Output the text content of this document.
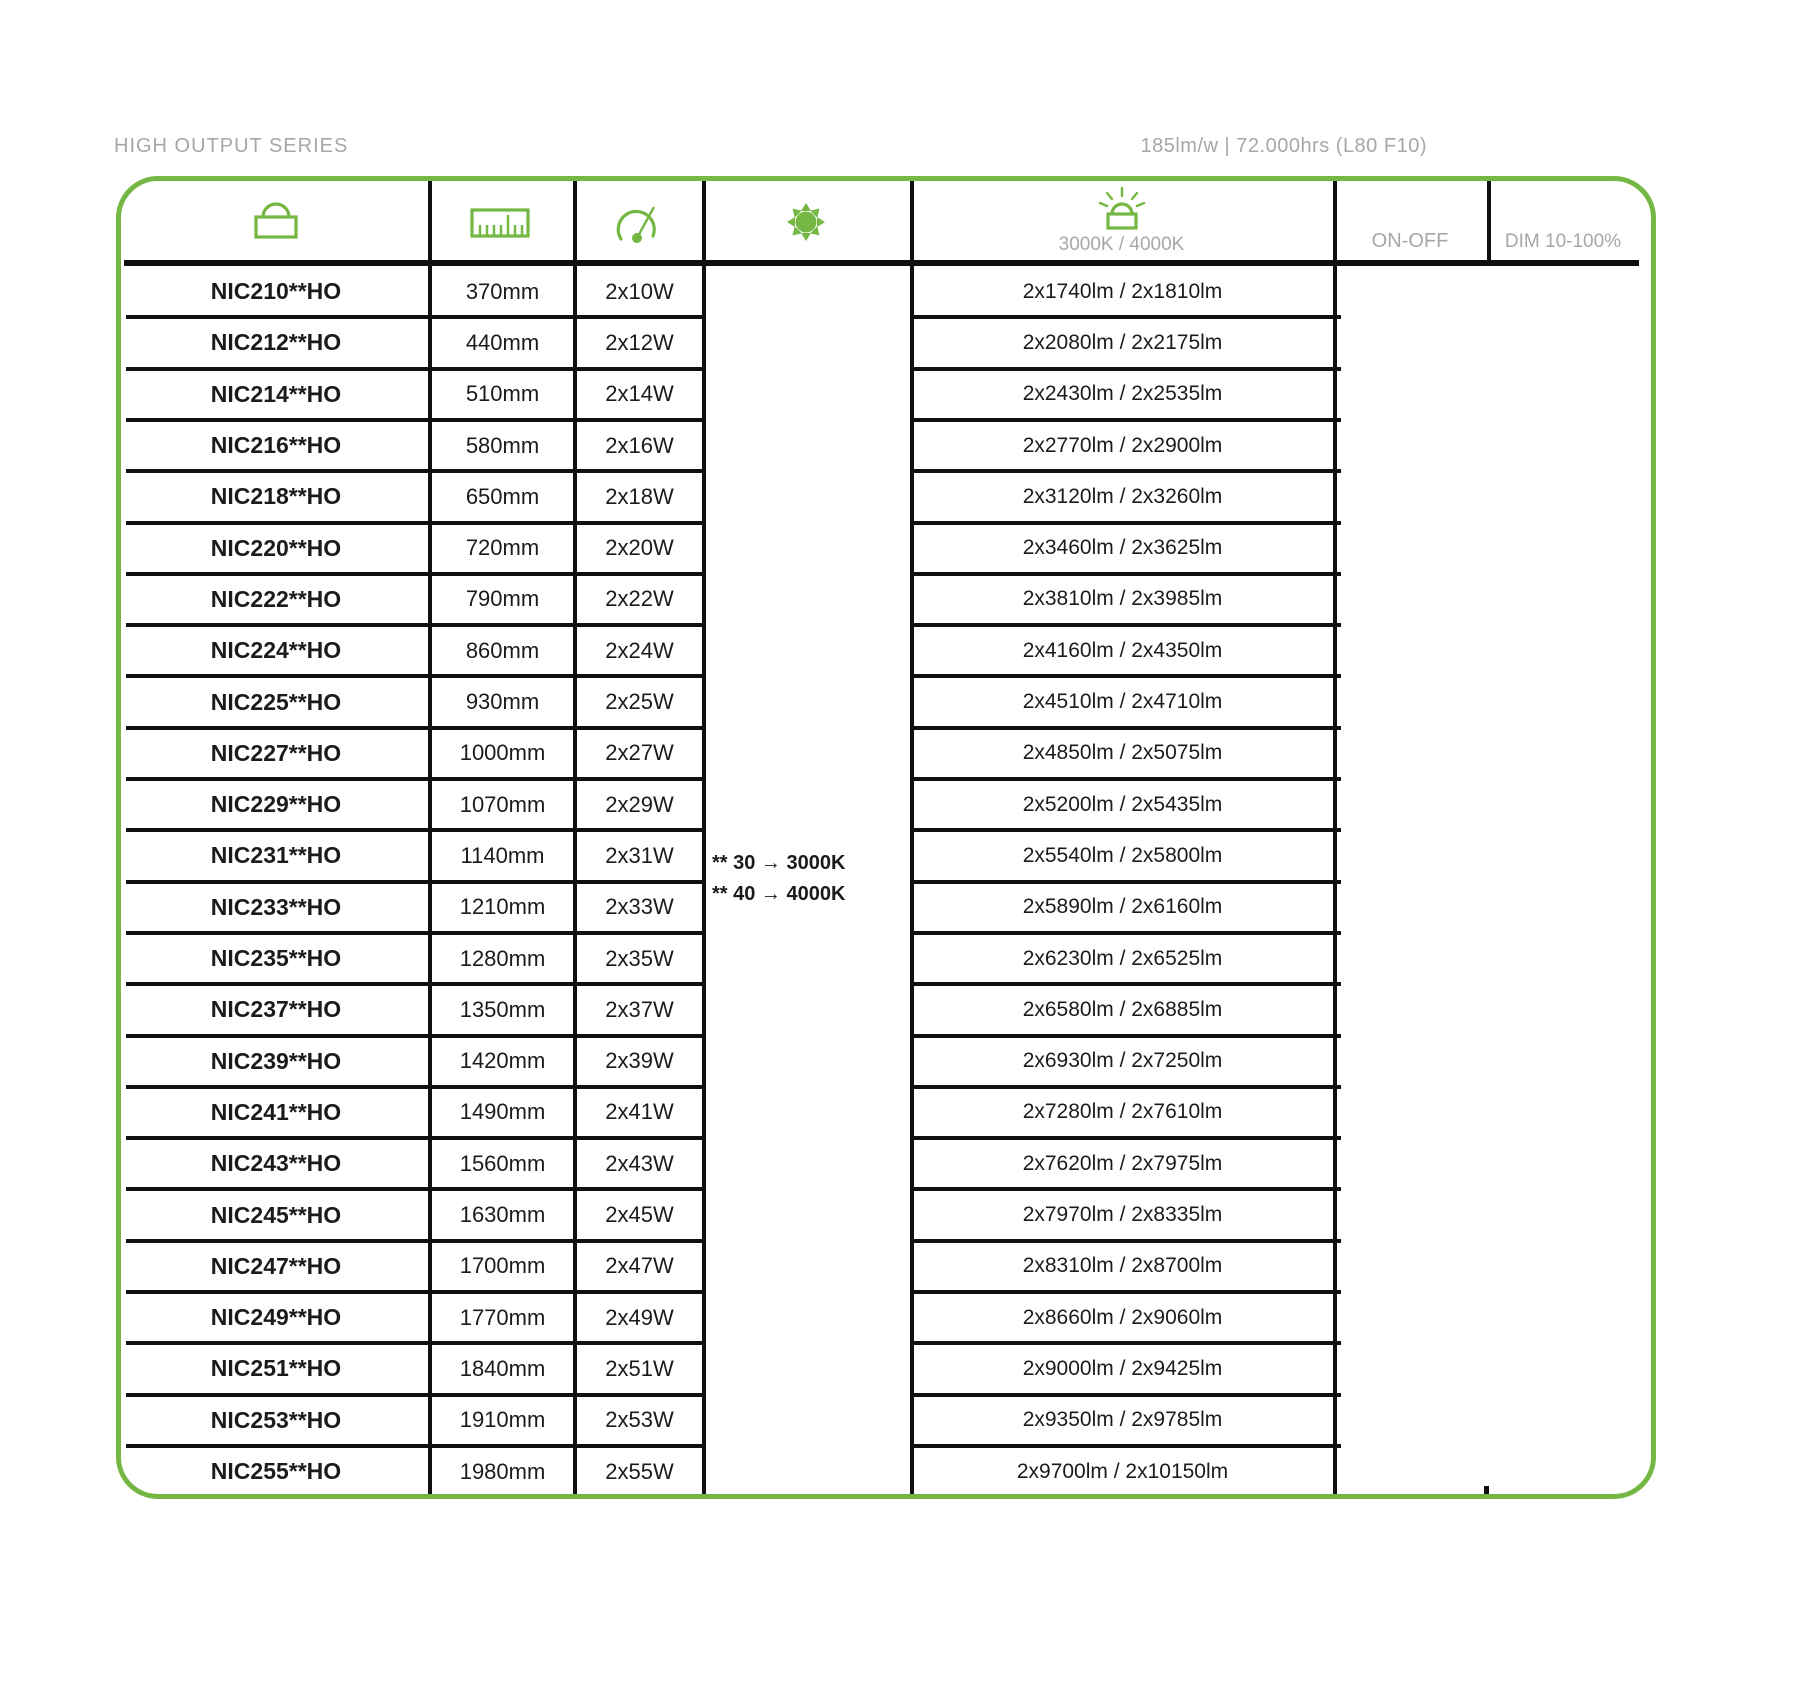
HIGH OUTPUT SERIES	185lm/w | 72.000hrs (L80 F10)
3000K / 4000K	ON-OFF	DIM 10-100%
** 30 → 3000K
** 40 → 4000K
NIC210**HO	370mm	2x10W	2x1740lm / 2x1810lm
NIC212**HO	440mm	2x12W	2x2080lm / 2x2175lm
NIC214**HO	510mm	2x14W	2x2430lm / 2x2535lm
NIC216**HO	580mm	2x16W	2x2770lm / 2x2900lm
NIC218**HO	650mm	2x18W	2x3120lm / 2x3260lm
NIC220**HO	720mm	2x20W	2x3460lm / 2x3625lm
NIC222**HO	790mm	2x22W	2x3810lm / 2x3985lm
NIC224**HO	860mm	2x24W	2x4160lm / 2x4350lm
NIC225**HO	930mm	2x25W	2x4510lm / 2x4710lm
NIC227**HO	1000mm	2x27W	2x4850lm / 2x5075lm
NIC229**HO	1070mm	2x29W	2x5200lm / 2x5435lm
NIC231**HO	1140mm	2x31W	2x5540lm / 2x5800lm
NIC233**HO	1210mm	2x33W	2x5890lm / 2x6160lm
NIC235**HO	1280mm	2x35W	2x6230lm / 2x6525lm
NIC237**HO	1350mm	2x37W	2x6580lm / 2x6885lm
NIC239**HO	1420mm	2x39W	2x6930lm / 2x7250lm
NIC241**HO	1490mm	2x41W	2x7280lm / 2x7610lm
NIC243**HO	1560mm	2x43W	2x7620lm / 2x7975lm
NIC245**HO	1630mm	2x45W	2x7970lm / 2x8335lm
NIC247**HO	1700mm	2x47W	2x8310lm / 2x8700lm
NIC249**HO	1770mm	2x49W	2x8660lm / 2x9060lm
NIC251**HO	1840mm	2x51W	2x9000lm / 2x9425lm
NIC253**HO	1910mm	2x53W	2x9350lm / 2x9785lm
NIC255**HO	1980mm	2x55W	2x9700lm / 2x10150lm
